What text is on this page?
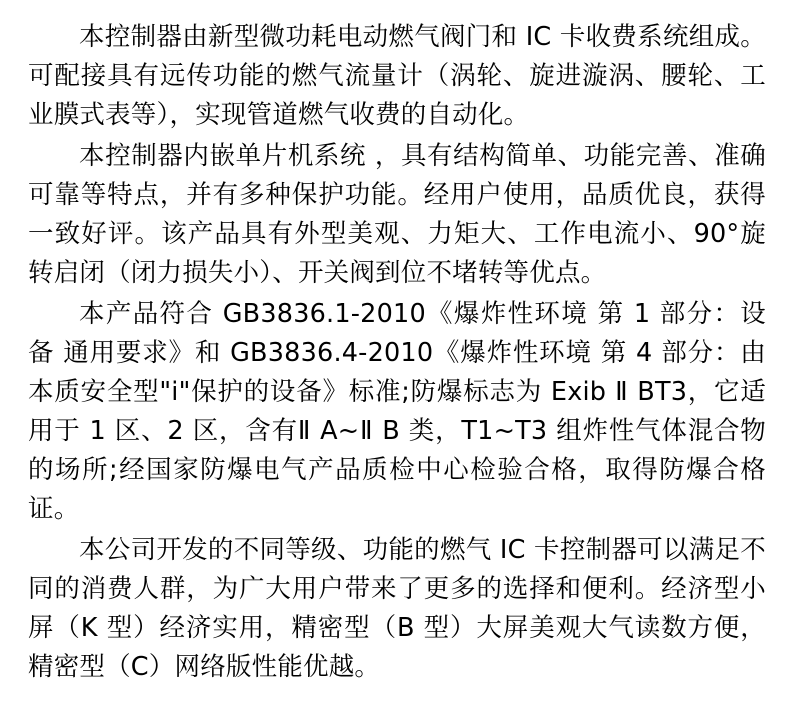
本控制器由新型微功耗电动燃气阀门和 IC 卡收费系统组成。可配接具有远传功能的燃气流量计（涡轮、旋进漩涡、腰轮、工业膜式表等），实现管道燃气收费的自动化。

本控制器内嵌单片机系统 ，具有结构简单、功能完善、准确可靠等特点，并有多种保护功能。经用户使用，品质优良，获得一致好评。该产品具有外型美观、力矩大、工作电流小、90°旋转启闭（闭力损失小）、开关阀到位不堵转等优点。

本产品符合 GB3836.1-2010《爆炸性环境 第 1 部分：设备 通用要求》和 GB3836.4-2010《爆炸性环境 第 4 部分：由本质安全型"i"保护的设备》标准;防爆标志为 Exib Ⅱ BT3，它适用于 1 区、2 区，含有Ⅱ A~Ⅱ B 类，T1~T3 组炸性气体混合物的场所;经国家防爆电气产品质检中心检验合格，取得防爆合格证。

本公司开发的不同等级、功能的燃气 IC 卡控制器可以满足不同的消费人群，为广大用户带来了更多的选择和便利。经济型小屏（K 型）经济实用，精密型（B 型）大屏美观大气读数方便，精密型（C）网络版性能优越。
